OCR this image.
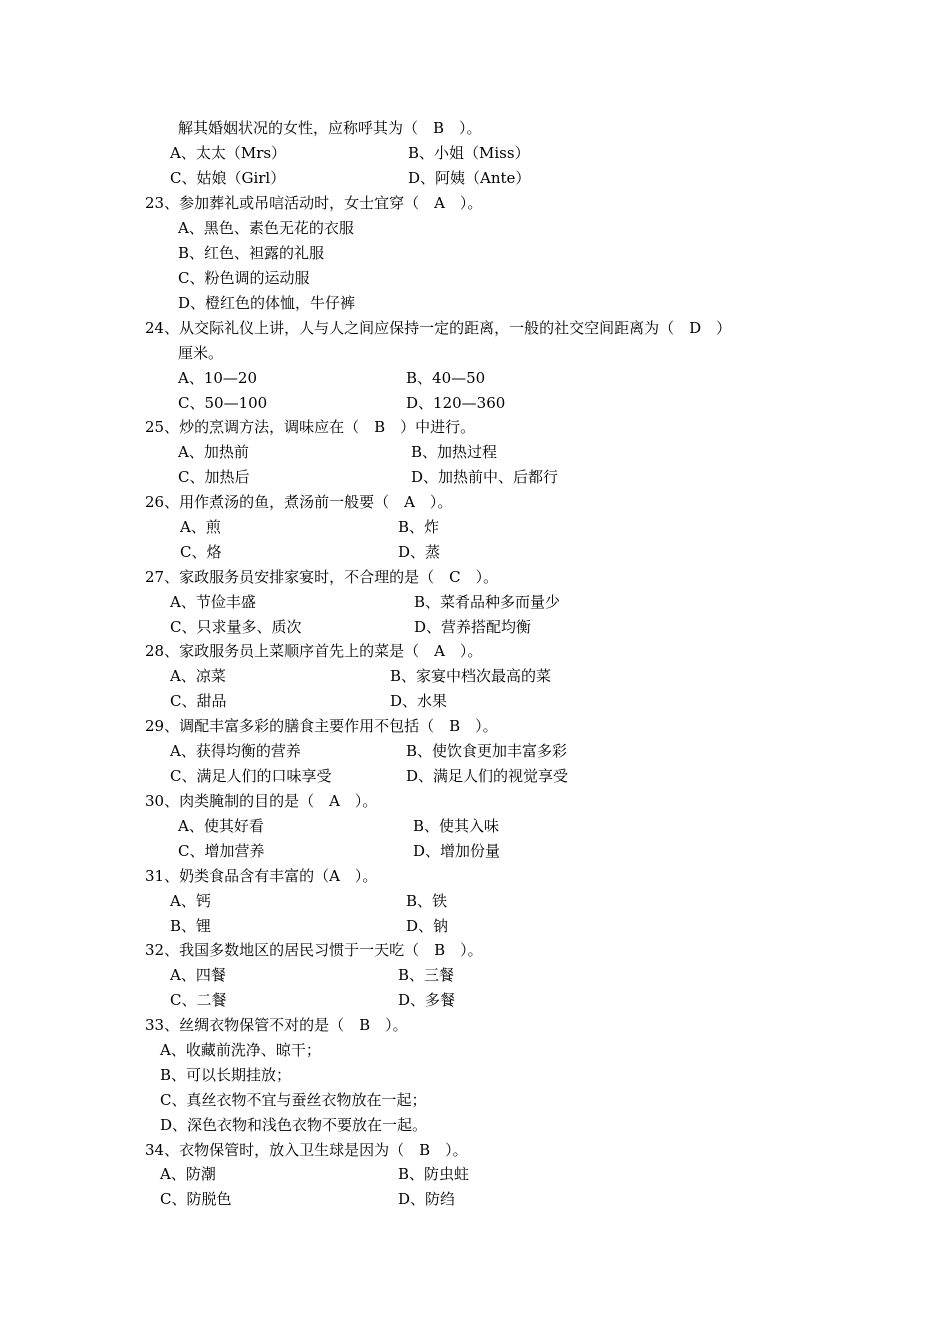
解其婚姻状况的女性，应称呼其为（　B　）。
A、太太（Mrs）	B、小姐（Miss）
C、姑娘（Girl）	D、阿姨（Ante）
23、参加葬礼或吊唁活动时，女士宜穿（　A　）。
A、黑色、素色无花的衣服
B、红色、袒露的礼服
C、粉色调的运动服
D、橙红色的体恤，牛仔裤
24、从交际礼仪上讲，人与人之间应保持一定的距离，一般的社交空间距离为（　D　）
厘米。
A、10—20	B、40—50
C、50—100	D、120—360
25、炒的烹调方法，调味应在（　B　）中进行。
A、加热前	B、加热过程
C、加热后	D、加热前中、后都行
26、用作煮汤的鱼，煮汤前一般要（　A　）。
A、煎	B、炸
C、烙	D、蒸
27、家政服务员安排家宴时，不合理的是（　C　）。
A、节俭丰盛	B、菜肴品种多而量少
C、只求量多、质次	D、营养搭配均衡
28、家政服务员上菜顺序首先上的菜是（　A　）。
A、凉菜	B、家宴中档次最高的菜
C、甜品	D、水果
29、调配丰富多彩的膳食主要作用不包括（　B　）。
A、获得均衡的营养	B、使饮食更加丰富多彩
C、满足人们的口味享受	D、满足人们的视觉享受
30、肉类腌制的目的是（　A　）。
A、使其好看	B、使其入味
C、增加营养	D、增加份量
31、奶类食品含有丰富的（A　）。
A、钙	B、铁
B、锂	D、钠
32、我国多数地区的居民习惯于一天吃（　B　）。
A、四餐	B、三餐
C、二餐	D、多餐
33、丝绸衣物保管不对的是（　B　）。
A、收藏前洗净、晾干；
B、可以长期挂放；
C、真丝衣物不宜与蚕丝衣物放在一起；
D、深色衣物和浅色衣物不要放在一起。
34、衣物保管时，放入卫生球是因为（　B　）。
A、防潮	B、防虫蛀
C、防脱色	D、防绉
